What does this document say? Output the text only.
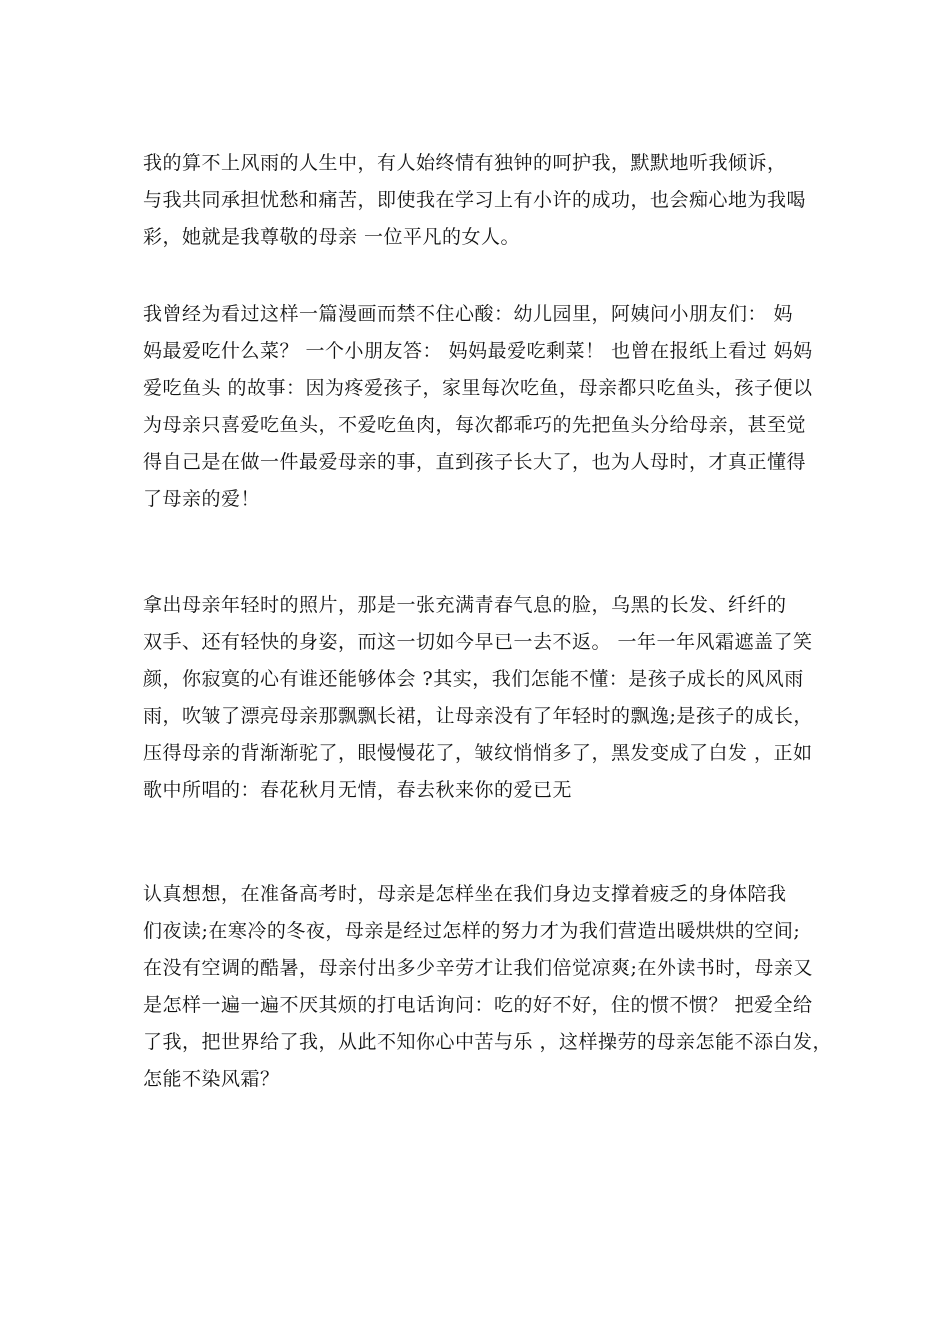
我的算不上风雨的人生中，有人始终情有独钟的呵护我，默默地听我倾诉，
与我共同承担忧愁和痛苦，即使我在学习上有小许的成功，也会痴心地为我喝
彩，她就是我尊敬的母亲 一位平凡的女人。
我曾经为看过这样一篇漫画而禁不住心酸：幼儿园里，阿姨问小朋友们： 妈
妈最爱吃什么菜？ 一个小朋友答： 妈妈最爱吃剩菜！ 也曾在报纸上看过 妈妈
爱吃鱼头 的故事：因为疼爱孩子，家里每次吃鱼，母亲都只吃鱼头，孩子便以
为母亲只喜爱吃鱼头，不爱吃鱼肉，每次都乖巧的先把鱼头分给母亲，甚至觉
得自己是在做一件最爱母亲的事，直到孩子长大了，也为人母时，才真正懂得
了母亲的爱！
拿出母亲年轻时的照片，那是一张充满青春气息的脸，乌黑的长发、纤纤的
双手、还有轻快的身姿，而这一切如今早已一去不返。 一年一年风霜遮盖了笑
颜，你寂寞的心有谁还能够体会 ?其实，我们怎能不懂：是孩子成长的风风雨
雨，吹皱了漂亮母亲那飘飘长裙，让母亲没有了年轻时的飘逸;是孩子的成长，
压得母亲的背渐渐驼了，眼慢慢花了，皱纹悄悄多了，黑发变成了白发 ，正如
歌中所唱的：春花秋月无情，春去秋来你的爱已无
认真想想，在准备高考时，母亲是怎样坐在我们身边支撑着疲乏的身体陪我
们夜读;在寒冷的冬夜，母亲是经过怎样的努力才为我们营造出暖烘烘的空间;
在没有空调的酷暑，母亲付出多少辛劳才让我们倍觉凉爽;在外读书时，母亲又
是怎样一遍一遍不厌其烦的打电话询问：吃的好不好，住的惯不惯？ 把爱全给
了我，把世界给了我，从此不知你心中苦与乐 ，这样操劳的母亲怎能不添白发，
怎能不染风霜？
